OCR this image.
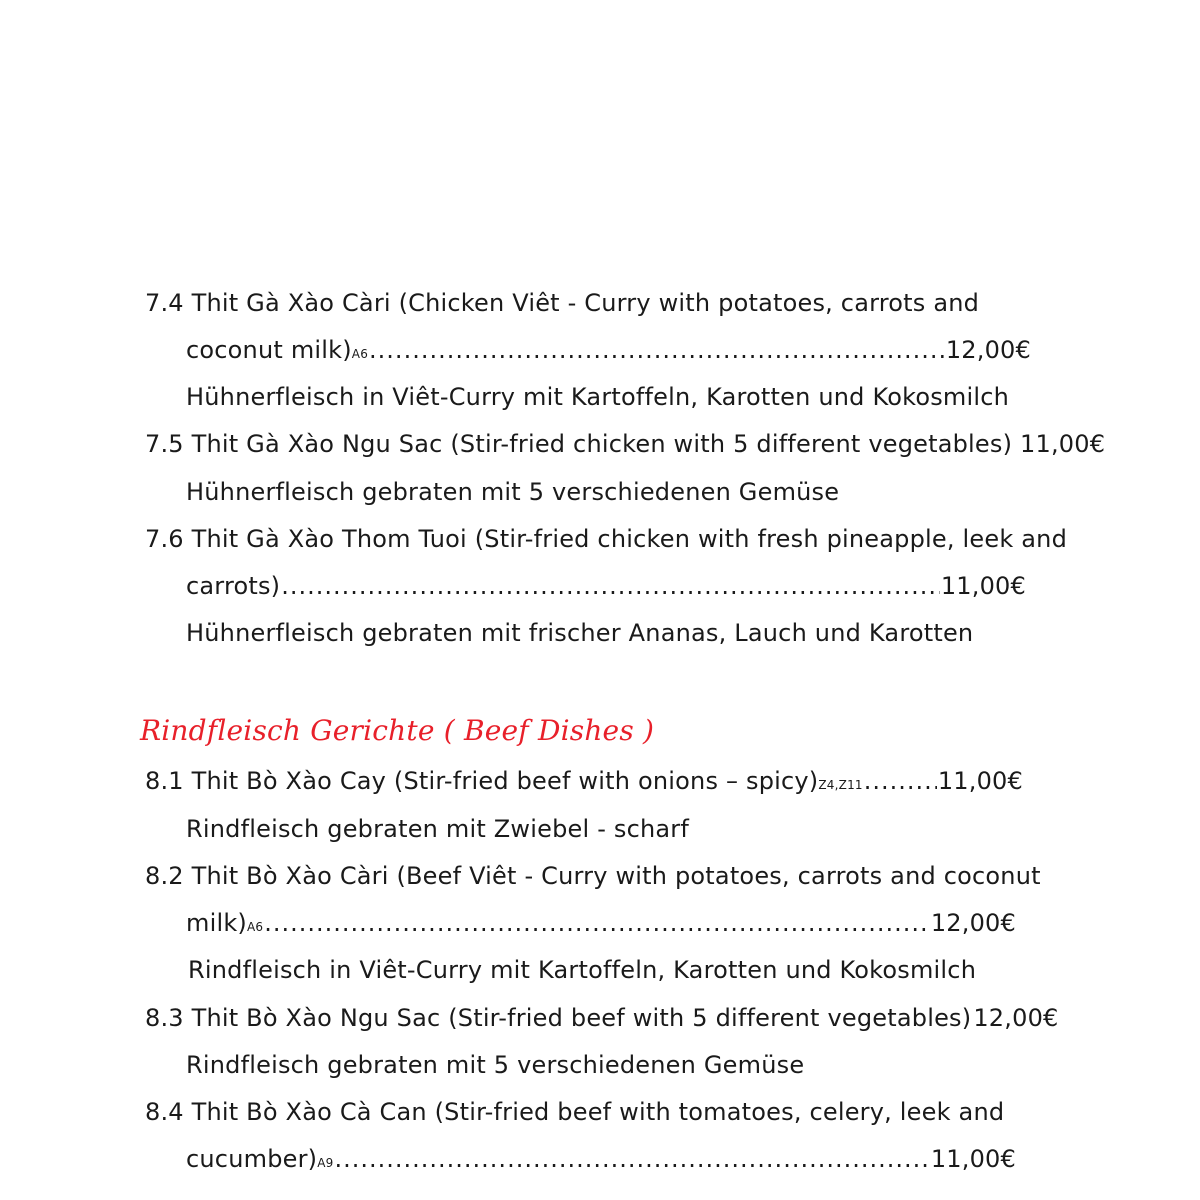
7.4 Thit Gà Xào Càri (Chicken Viêt - Curry with potatoes, carrots and
coconut milk) A6 .....	12,00€
Hühnerfleisch in Viêt-Curry mit Kartoffeln, Karotten und Kokosmilch
7.5 Thit Gà Xào Ngu Sac (Stir-fried chicken with 5 different vegetables) 11,00€
Hühnerfleisch gebraten mit 5 verschiedenen Gemüse
7.6 Thit Gà Xào Thom Tuoi (Stir-fried chicken with fresh pineapple, leek and
carrots) .....	11,00€
Hühnerfleisch gebraten mit frischer Ananas, Lauch und Karotten
Rindfleisch Gerichte ( Beef Dishes )
8.1 Thit Bò Xào Cay (Stir-fried beef with onions – spicy) Z4,Z11 .....	11,00€
Rindfleisch gebraten mit Zwiebel - scharf
8.2 Thit Bò Xào Càri (Beef Viêt - Curry with potatoes, carrots and coconut
milk) A6 .....	12,00€
Rindfleisch in Viêt-Curry mit Kartoffeln, Karotten und Kokosmilch
8.3 Thit Bò Xào Ngu Sac (Stir-fried beef with 5 different vegetables) 12,00€
Rindfleisch gebraten mit 5 verschiedenen Gemüse
8.4 Thit Bò Xào Cà Can (Stir-fried beef with tomatoes, celery, leek and
cucumber) A9 .....	11,00€
